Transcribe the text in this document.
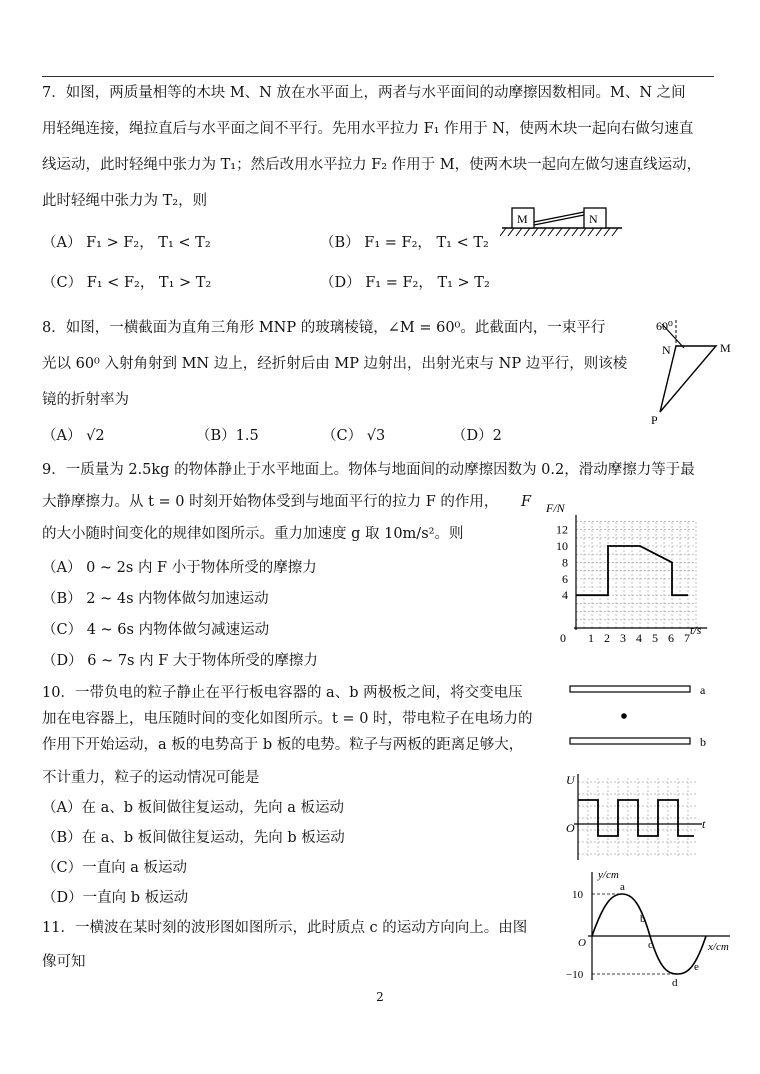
7．如图，两质量相等的木块 M、N 放在水平面上，两者与水平面间的动摩擦因数相同。M、N 之间
用轻绳连接，绳拉直后与水平面之间不平行。先用水平拉力 F₁ 作用于 N，使两木块一起向右做匀速直
线运动，此时轻绳中张力为 T₁；然后改用水平拉力 F₂ 作用于 M，使两木块一起向左做匀速直线运动，
此时轻绳中张力为 T₂，则
（A） F₁ > F₂， T₁ < T₂	（B） F₁ = F₂， T₁ < T₂
（C） F₁ < F₂， T₁ > T₂	（D） F₁ = F₂， T₁ > T₂
M	N
8．如图，一横截面为直角三角形 MNP 的玻璃棱镜，∠M = 60⁰。此截面内，一束平行
光以 60⁰ 入射角射到 MN 边上，经折射后由 MP 边射出，出射光束与 NP 边平行，则该棱
镜的折射率为
（A） √2	（B）1.5	（C） √3	（D）2
60⁰
N	M
P
9．一质量为 2.5kg 的物体静止于水平地面上。物体与地面间的动摩擦因数为 0.2，滑动摩擦力等于最
大静摩擦力。从 t = 0 时刻开始物体受到与地面平行的拉力 F 的作用， F
的大小随时间变化的规律如图所示。重力加速度 g 取 10m/s²。则
（A） 0 ~ 2s 内 F 小于物体所受的摩擦力
（B） 2 ~ 4s 内物体做匀加速运动
（C） 4 ~ 6s 内物体做匀减速运动
（D） 6 ~ 7s 内 F 大于物体所受的摩擦力
0 1 2 3 4 5 6 7
4
6
8
10
12
F/N
t/s
10．一带负电的粒子静止在平行板电容器的 a、b 两极板之间，将交变电压
加在电容器上，电压随时间的变化如图所示。t = 0 时，带电粒子在电场力的
作用下开始运动，a 板的电势高于 b 板的电势。粒子与两板的距离足够大，
不计重力，粒子的运动情况可能是
（A）在 a、b 板间做往复运动，先向 a 板运动
（B）在 a、b 板间做往复运动，先向 b 板运动
（C）一直向 a 板运动
（D）一直向 b 板运动
a
b
U
t
O
11．一横波在某时刻的波形图如图所示，此时质点 c 的运动方向向上。由图
像可知
y/cm
x/cm
10
−10
O
a
b
c
d
e
2
